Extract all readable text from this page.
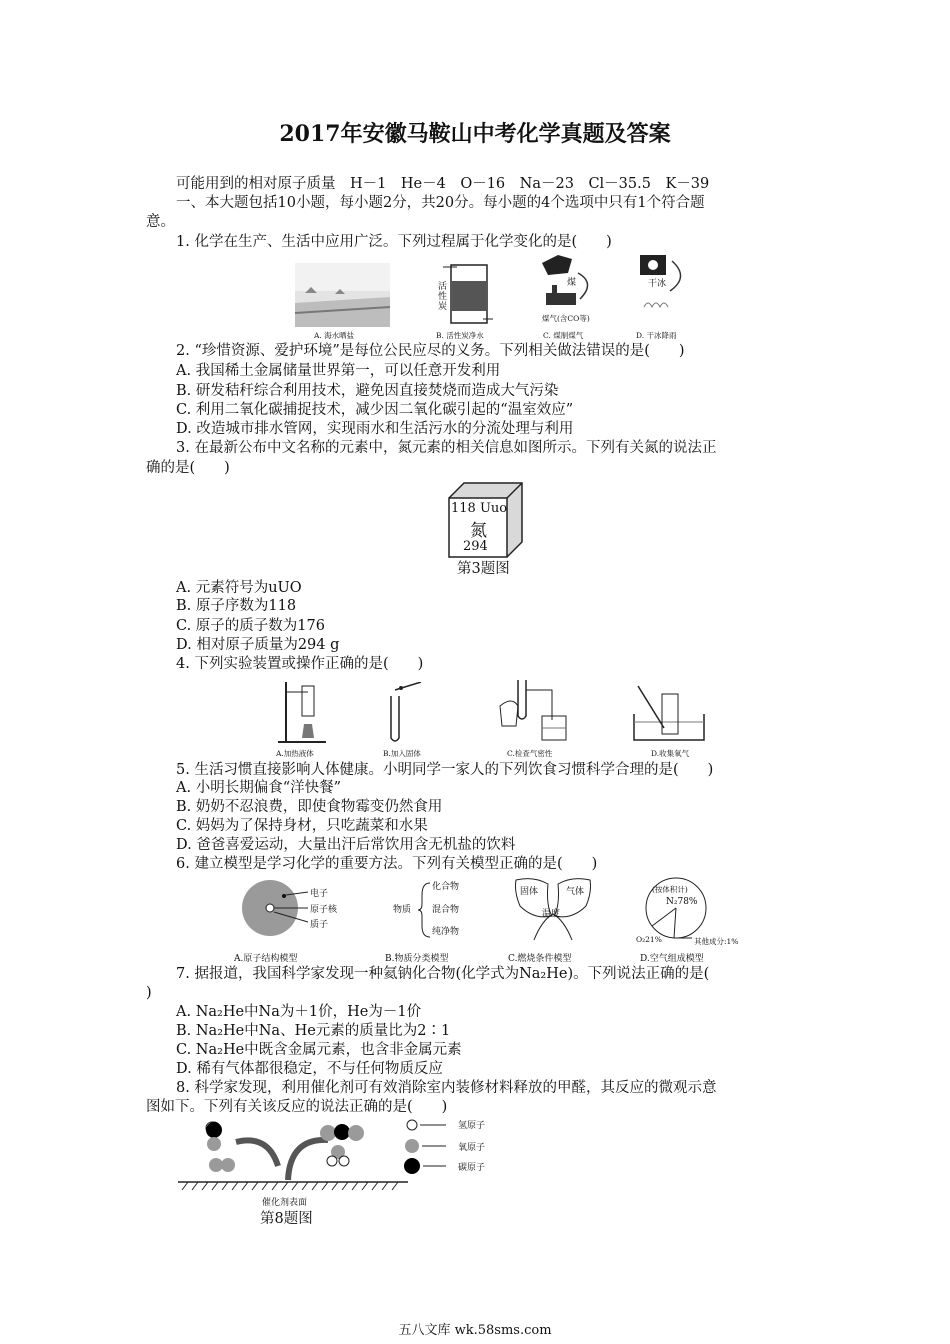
2017年安徽马鞍山中考化学真题及答案
可能用到的相对原子质量　H－1　He－4　O－16　Na－23　Cl－35.5　K－39
一、本大题包括10小题，每小题2分，共20分。每小题的4个选项中只有1个符合题
意。
1. 化学在生产、生活中应用广泛。下列过程属于化学变化的是(　　)
活
性
炭
煤
煤气(含CO等)
干冰
A. 海水晒盐	B. 活性炭净水	C. 煤制煤气	D. 干冰降雨
2. “珍惜资源、爱护环境”是每位公民应尽的义务。下列相关做法错误的是(　　)
A. 我国稀土金属储量世界第一，可以任意开发利用
B. 研发秸秆综合利用技术，避免因直接焚烧而造成大气污染
C. 利用二氧化碳捕捉技术，减少因二氧化碳引起的“温室效应”
D. 改造城市排水管网，实现雨水和生活污水的分流处理与利用
3. 在最新公布中文名称的元素中，氮元素的相关信息如图所示。下列有关氮的说法正
确的是(　　)
118 Uuo
氮
294
第3题图
A. 元素符号为uUO
B. 原子序数为118
C. 原子的质子数为176
D. 相对原子质量为294 g
4. 下列实验装置或操作正确的是(　　)
A.加热液体	B.加入固体	C.检查气密性	D.收集氧气
5. 生活习惯直接影响人体健康。小明同学一家人的下列饮食习惯科学合理的是(　　)
A. 小明长期偏食“洋快餐”
B. 奶奶不忍浪费，即使食物霉变仍然食用
C. 妈妈为了保持身材，只吃蔬菜和水果
D. 爸爸喜爱运动，大量出汗后常饮用含无机盐的饮料
6. 建立模型是学习化学的重要方法。下列有关模型正确的是(　　)
电子
原子核
质子
物质
化合物
混合物
纯净物
固体	气体
温度
(按体积计)
N₂78%
O₂21%	其他成分:1%
A.原子结构模型	B.物质分类模型	C.燃烧条件模型	D.空气组成模型
7. 据报道，我国科学家发现一种氦钠化合物(化学式为Na₂He)。下列说法正确的是(
)
A. Na₂He中Na为＋1价，He为－1价
B. Na₂He中Na、He元素的质量比为2∶1
C. Na₂He中既含金属元素，也含非金属元素
D. 稀有气体都很稳定，不与任何物质反应
8. 科学家发现，利用催化剂可有效消除室内装修材料释放的甲醛，其反应的微观示意
图如下。下列有关该反应的说法正确的是(　　)
氢原子
氧原子
碳原子
催化剂表面
第8题图
五八文库 wk.58sms.com
